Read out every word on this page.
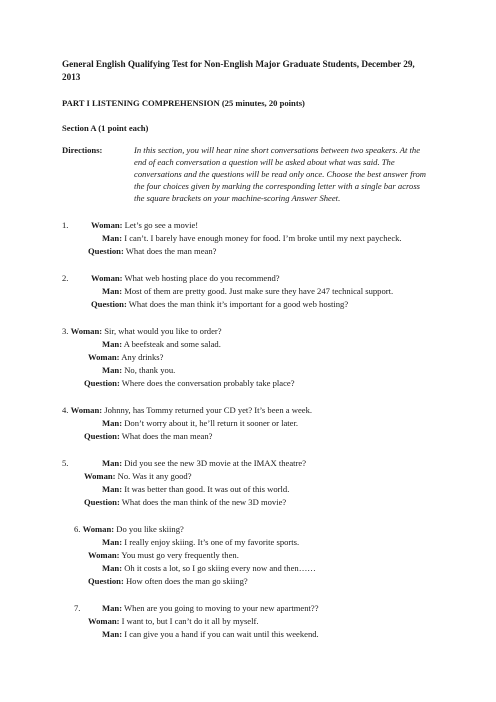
General English Qualifying Test for Non-English Major Graduate Students, December 29,
2013
PART I LISTENING COMPREHENSION (25 minutes, 20 points)
Section A (1 point each)
Directions:	In this section, you will hear nine short conversations between two speakers. At the
end of each conversation a question will be asked about what was said. The
conversations and the questions will be read only once. Choose the best answer from
the four choices given by marking the corresponding letter with a single bar across
the square brackets on your machine-scoring Answer Sheet.
1.	Woman: Let’s go see a movie!
Man: I can’t. I barely have enough money for food. I’m broke until my next paycheck.
Question: What does the man mean?
2.	Woman: What web hosting place do you recommend?
Man: Most of them are pretty good. Just make sure they have 247 technical support.
Question: What does the man think it’s important for a good web hosting?
3. Woman: Sir, what would you like to order?
Man: A beefsteak and some salad.
Woman: Any drinks?
Man: No, thank you.
Question: Where does the conversation probably take place?
4. Woman: Johnny, has Tommy returned your CD yet? It’s been a week.
Man: Don’t worry about it, he’ll return it sooner or later.
Question: What does the man mean?
5.	Man: Did you see the new 3D movie at the IMAX theatre?
Woman: No. Was it any good?
Man: It was better than good. It was out of this world.
Question: What does the man think of the new 3D movie?
6. Woman: Do you like skiing?
Man: I really enjoy skiing. It’s one of my favorite sports.
Woman: You must go very frequently then.
Man: Oh it costs a lot, so I go skiing every now and then……
Question: How often does the man go skiing?
7.	Man: When are you going to moving to your new apartment??
Woman: I want to, but I can’t do it all by myself.
Man: I can give you a hand if you can wait until this weekend.
